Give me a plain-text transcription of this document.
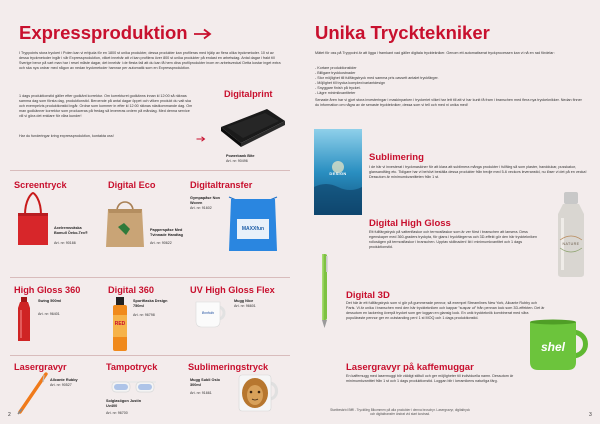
Expressproduktion
I Tryppoints stora tryckeri i Polen kan vi erbjuda för en 1800 st unika produkter, dessa produkter kan profileras med hjälp av flera olika tryckmetoder. 10 st av dessa tryckmetoder ingår i vår Expressproduktion, vilket innebär att vi kan profilera över 800 st unika produkter på endast en arbetsdag. Antal dagar i frakt till Sverige beror på vart man har i resel måste dagar, det innebär i de flesta fall att du kan få hem dina profilprodukter inom en arbetsvecka! Detta kostar inget extra och ska nya ordrar med någon av nedan tryckmetoder hamnar per automatik som en Expressproduktion.
1 dags produktionstid gäller efter godkänt korrektur. Om korrekturet godkänns innan kl 12:00 så räknas samma dag som första dag, produktionstid. Beroende på antal dagar öppet och vilken produkt du valt ska och exempelvis produktionstid ingår. Ordrar som kommer in efter kl 12:00 räknas nästkommande dag. Om man godkänner korrektur som produceras på fredag så levereras ordern på måndag. Med denna service vill vi göra det enklare för våra kunder!
Har du funderingar kring expressproduktion, kontakta oss!
Digitalprint
Powerbank Bite
Art. nr: 90496
Screentryck
Axelremsväska Bomull Öeko-Tex®
Art. nr: 90166
Digital Eco
Papperspåse Med Tvinnade Handtag
Art. nr: 90622
Digitaltransfer
Gympapåse Non Woven
Art. nr: 91602
MAXXfun
High Gloss 360
Swing 500ml
Art. nr: 96401
Digital 360
RED
Sportflaska Design 750ml
Art. nr: 96798
UV High Gloss Flex
Bonfolio
Mugg Nice
Art. nr: 96601
Lasergravyr
Allcante Rubby
Art. nr: 90527
Tampotryck
Solglasögon Justin Uv400
Art. nr: 96700
Sublimeringstryck
Mugg Subli Oslo 300ml
Art. nr: 91661
2
Unika Trycktekniker
Mätet för oss på Tryppoint är att ligga i framkant vad gäller digitala trycktekniker. Genom ett automatiserat tryckprocessen kan vi nå en rad fördelar:
- Kortare produktionstider
- Billigare tryckkostnader
- Stor möjlighet till fullfärgstryck med samma pris oavsett antalet tryckfärger.
- Möjlighet till trycka komplex/variantdesign
- Snyggare finish på trycket.
- Lägre minimikvantiteter
Senaste åren har vi gjort stora investeringar i maskinparken i tryckeriet vilket har lett till att vi har kunit få fram i branschen med flera nya tryckeknikker. Nedan finner du information om några av de senaste trycktekniker, dessa som vi tell och med ni unika med!
DESIGN
Sublimering
I de här vi investerat i tryckmaskiner för att klara att sublimera många produkter i fullfärg så som plaster, handdukar, pusskakor, glansandfärg etc. Tidigare har vi behövt beställa dessa produkter från tredje med 5-6 veckors leveranstid, nu löser vi det på en vecka! Dessutom är minimumkvantiteten från 1 st.
Digital High Gloss
Ett fullfärgstryck på vattenflaskor och termosflaskor som är ver först i branschen att lansera. Dess egenskaper med 360-graders tryckyta, för glans i tryckfärgerna och 3D-effekt gör den här trycktekniken rollosägen på termosflaskor i branschen. Upptav skillnaden! Ikt i minimumkvantitet och 1 dags produktionstid.
NATURE
Digital 3D
Det här är ett fullfärgstryck som vi gör på gummerade pennor, så exempel Streamlines New York, Alicante Rubby och Paris. Vi är unika i branschen med den här trycktekniken och kappar ”suspar ut” från pennan lock som 3D-effekten. Det är dessutom en lackering överpå trycket som ger loggan en glansig look. En unik trycktekniik kombinerat med våra populäraste pennor ger en outstanding pen! 1 st MOQ och 1 dags produktionstid.
Lasergravyr på kaffemuggar
En kaffemugg med lasermuggi blir väldigt stiltull och ger möjligheter till individuella namn. Dessutom är minimumkvantitet från 1 st och 1 dags produktionstid. Loggan blir i keramikens naturliga färg.
shel
Startbeskrivl Bfffl - Tryckfärg Blkommen på alla produkter i denna broschyr. Lasergravyr, digitaltryck och digitaltransfer ändrat vid start kostnad.	3
